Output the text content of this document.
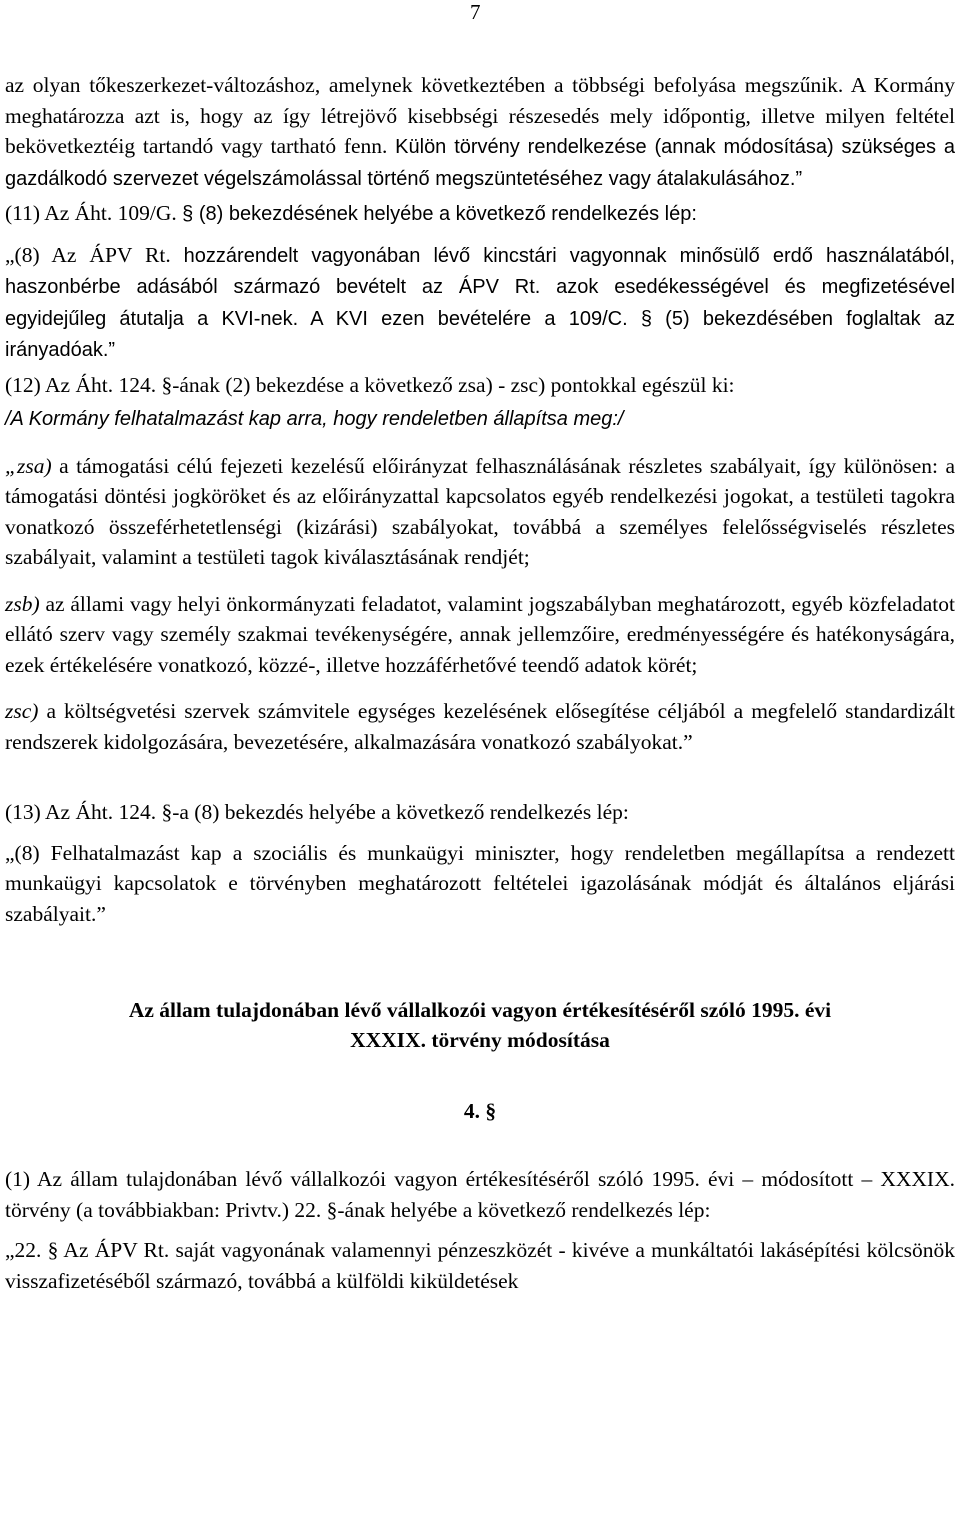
7

az olyan tőkeszerkezet-változáshoz, amelynek következtében a többségi befolyása megszűnik. A Kormány meghatározza azt is, hogy az így létrejövő kisebbségi részesedés mely időpontig, illetve milyen feltétel bekövetkeztéig tartandó vagy tartható fenn. Külön törvény rendelkezése (annak módosítása) szükséges a gazdálkodó szervezet végelszámolással történő megszüntetéséhez vagy átalakulásához.”

(11) Az Áht. 109/G. § (8) bekezdésének helyébe a következő rendelkezés lép:

„(8) Az ÁPV Rt. hozzárendelt vagyonában lévő kincstári vagyonnak minősülő erdő használatából, haszonbérbe adásából származó bevételt az ÁPV Rt. azok esedékességével és megfizetésével egyidejűleg átutalja a KVI-nek. A KVI ezen bevételére a 109/C. § (5) bekezdésében foglaltak az irányadóak.”

(12) Az Áht. 124. §-ának (2) bekezdése a következő zsa) - zsc) pontokkal egészül ki:

/A Kormány felhatalmazást kap arra, hogy rendeletben állapítsa meg:/

„zsa) a támogatási célú fejezeti kezelésű előirányzat felhasználásának részletes szabályait, így különösen: a támogatási döntési jogköröket és az előirányzattal kapcsolatos egyéb rendelkezési jogokat, a testületi tagokra vonatkozó összeférhetetlenségi (kizárási) szabályokat, továbbá a személyes felelősségviselés részletes szabályait, valamint a testületi tagok kiválasztásának rendjét;

zsb) az állami vagy helyi önkormányzati feladatot, valamint jogszabályban meghatározott, egyéb közfeladatot ellátó szerv vagy személy szakmai tevékenységére, annak jellemzőire, eredményességére és hatékonyságára, ezek értékelésére vonatkozó, közzé-, illetve hozzáférhetővé teendő adatok körét;

zsc) a költségvetési szervek számvitele egységes kezelésének elősegítése céljából a megfelelő standardizált rendszerek kidolgozására, bevezetésére, alkalmazására vonatkozó szabályokat.”

(13) Az Áht. 124. §-a (8) bekezdés helyébe a következő rendelkezés lép:

„(8) Felhatalmazást kap a szociális és munkaügyi miniszter, hogy rendeletben megállapítsa a rendezett munkaügyi kapcsolatok e törvényben meghatározott feltételei igazolásának módját és általános eljárási szabályait.”

Az állam tulajdonában lévő vállalkozói vagyon értékesítéséről szóló 1995. évi
XXXIX. törvény módosítása
4. §

(1) Az állam tulajdonában lévő vállalkozói vagyon értékesítéséről szóló 1995. évi – módosított – XXXIX. törvény (a továbbiakban: Privtv.) 22. §-ának helyébe a következő rendelkezés lép:

„22. § Az ÁPV Rt. saját vagyonának valamennyi pénzeszközét - kivéve a munkáltatói lakásépítési kölcsönök visszafizetéséből származó, továbbá a külföldi kiküldetések
